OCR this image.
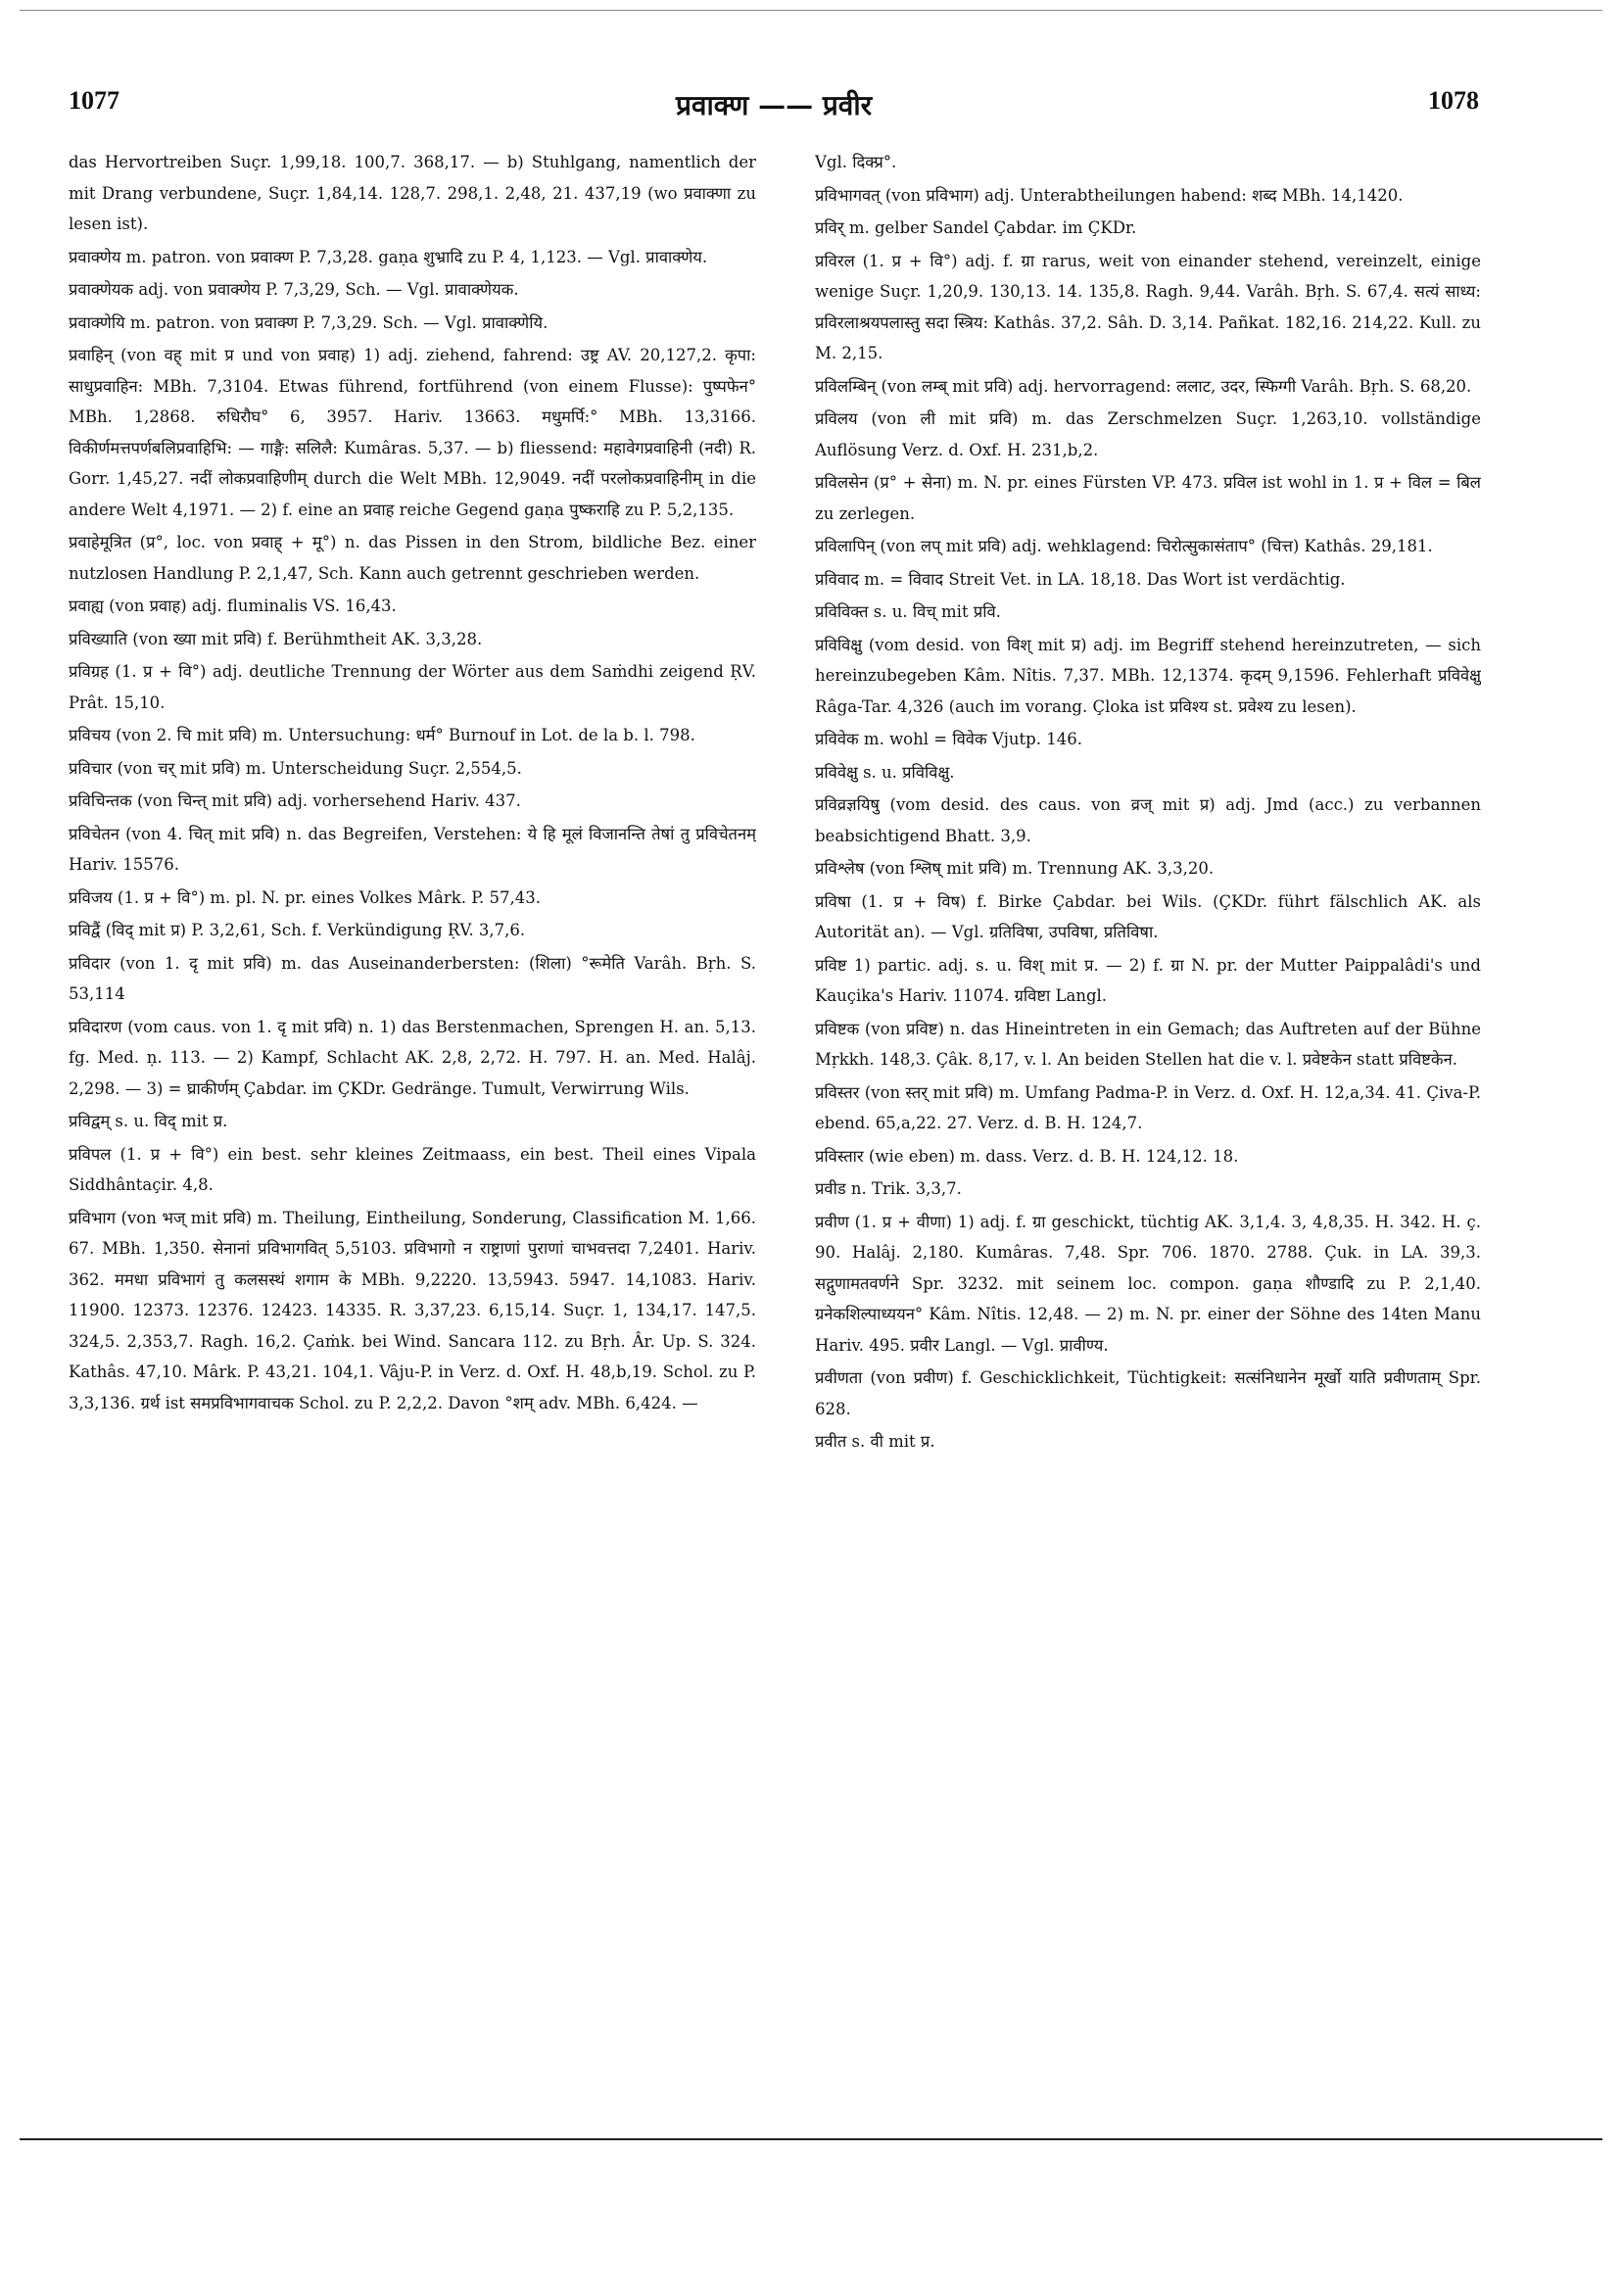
1077	प्रवाक्ण —— प्रवीर	1078

das Hervortreiben Suçr. 1,99,18. 100,7. 368,17. — b) Stuhlgang, namentlich der mit Drang verbundene, Suçr. 1,84,14. 128,7. 298,1. 2,48, 21. 437,19 (wo प्रवाक्णा zu lesen ist).

प्रवाक्णेय m. patron. von प्रवाक्ण P. 7,3,28. gaṇa शुभ्रादि zu P. 4, 1,123. — Vgl. प्रावाक्णेय.

प्रवाक्णेयक adj. von प्रवाक्णेय P. 7,3,29, Sch. — Vgl. प्रावाक्णेयक.

प्रवाक्णेयि m. patron. von प्रवाक्ण P. 7,3,29. Sch. — Vgl. प्रावाक्णेयि.

प्रवाहिन् (von वह् mit प्र und von प्रवाह) 1) adj. ziehend, fahrend: उष्ट्र AV. 20,127,2. कृपा: साधुप्रवाहिन: MBh. 7,3104. Etwas führend, fortführend (von einem Flusse): पुष्पफेन° MBh. 1,2868. रुधिरौघ° 6, 3957. Hariv. 13663. मधुमर्पि:° MBh. 13,3166. विकीर्णमत्तपर्णबलिप्रवाहिभि: — गाङ्गै: सलिलै: Kumâras. 5,37. — b) fliessend: महावेगप्रवाहिनी (नदी) R. Gorr. 1,45,27. नदीं लोकप्रवाहिणीम् durch die Welt MBh. 12,9049. नदीं परलोकप्रवाहिनीम् in die andere Welt 4,1971. — 2) f. eine an प्रवाह reiche Gegend gaṇa पुष्कराहि zu P. 5,2,135.

प्रवाहेमूत्रित (प्र°, loc. von प्रवाह् + मू°) n. das Pissen in den Strom, bildliche Bez. einer nutzlosen Handlung P. 2,1,47, Sch. Kann auch getrennt geschrieben werden.

प्रवाह्य (von प्रवाह) adj. fluminalis VS. 16,43.

प्रविख्याति (von ख्या mit प्रवि) f. Berühmtheit AK. 3,3,28.

प्रविग्रह (1. प्र + वि°) adj. deutliche Trennung der Wörter aus dem Saṁdhi zeigend ṚV. Prât. 15,10.

प्रविचय (von 2. चि mit प्रवि) m. Untersuchung: धर्म° Burnouf in Lot. de la b. l. 798.

प्रविचार (von चर् mit प्रवि) m. Unterscheidung Suçr. 2,554,5.

प्रविचिन्तक (von चिन्त् mit प्रवि) adj. vorhersehend Hariv. 437.

प्रविचेतन (von 4. चित् mit प्रवि) n. das Begreifen, Verstehen: ये हि मूलं विजानन्ति तेषां तु प्रविचेतनम् Hariv. 15576.

प्रविजय (1. प्र + वि°) m. pl. N. pr. eines Volkes Mârk. P. 57,43.

प्रविद्वैं (विद् mit प्र) P. 3,2,61, Sch. f. Verkündigung ṚV. 3,7,6.

प्रविदार (von 1. दृ mit प्रवि) m. das Auseinanderbersten: (शिला) °रूमेति Varâh. Bṛh. S. 53,114

प्रविदारण (vom caus. von 1. दृ mit प्रवि) n. 1) das Berstenmachen, Sprengen H. an. 5,13. fg. Med. ṇ. 113. — 2) Kampf, Schlacht AK. 2,8, 2,72. H. 797. H. an. Med. Halâj. 2,298. — 3) = घ्राकीर्णम् Çabdar. im ÇKDr. Gedränge. Tumult, Verwirrung Wils.

प्रविद्वम् s. u. विद् mit प्र.

प्रविपल (1. प्र + वि°) ein best. sehr kleines Zeitmaass, ein best. Theil eines Vipala Siddhântaçir. 4,8.

प्रविभाग (von भज् mit प्रवि) m. Theilung, Eintheilung, Sonderung, Classification M. 1,66. 67. MBh. 1,350. सेनानां प्रविभागवित् 5,5103. प्रविभागो न राष्ट्राणां पुराणां चाभवत्तदा 7,2401. Hariv. 362. ममधा प्रविभागं तु कलसस्थं शगाम के MBh. 9,2220. 13,5943. 5947. 14,1083. Hariv. 11900. 12373. 12376. 12423. 14335. R. 3,37,23. 6,15,14. Suçr. 1, 134,17. 147,5. 324,5. 2,353,7. Ragh. 16,2. Çaṁk. bei Wind. Sancara 112. zu Bṛh. Âr. Up. S. 324. Kathâs. 47,10. Mârk. P. 43,21. 104,1. Vâju-P. in Verz. d. Oxf. H. 48,b,19. Schol. zu P. 3,3,136. ग्रर्थ ist समप्रविभागवाचक Schol. zu P. 2,2,2. Davon °शम् adv. MBh. 6,424. —

Vgl. दिक्प्र°.

प्रविभागवत् (von प्रविभाग) adj. Unterabtheilungen habend: शब्द MBh. 14,1420.

प्रविर् m. gelber Sandel Çabdar. im ÇKDr.

प्रविरल (1. प्र + वि°) adj. f. ग्रा rarus, weit von einander stehend, vereinzelt, einige wenige Suçr. 1,20,9. 130,13. 14. 135,8. Ragh. 9,44. Varâh. Bṛh. S. 67,4. सत्यं साध्य: प्रविरलाश्रयपलास्तु सदा स्त्रिय: Kathâs. 37,2. Sâh. D. 3,14. Pañkat. 182,16. 214,22. Kull. zu M. 2,15.

प्रविलम्बिन् (von लम्ब् mit प्रवि) adj. hervorragend: ललाट, उदर, स्फिग्गी Varâh. Bṛh. S. 68,20.

प्रविलय (von ली mit प्रवि) m. das Zerschmelzen Suçr. 1,263,10. vollständige Auflösung Verz. d. Oxf. H. 231,b,2.

प्रविलसेन (प्र° + सेना) m. N. pr. eines Fürsten VP. 473. प्रविल ist wohl in 1. प्र + विल = बिल zu zerlegen.

प्रविलापिन् (von लप् mit प्रवि) adj. wehklagend: चिरोत्सुकासंताप° (चित्त) Kathâs. 29,181.

प्रविवाद m. = विवाद Streit Vet. in LA. 18,18. Das Wort ist verdächtig.

प्रविविक्त s. u. विच् mit प्रवि.

प्रविविक्षु (vom desid. von विश् mit प्र) adj. im Begriff stehend hereinzutreten, — sich hereinzubegeben Kâm. Nîtis. 7,37. MBh. 12,1374. कृदम् 9,1596. Fehlerhaft प्रविवेक्षु Râga-Tar. 4,326 (auch im vorang. Çloka ist प्रविश्य st. प्रवेश्य zu lesen).

प्रविवेक m. wohl = विवेक Vjutp. 146.

प्रविवेक्षु s. u. प्रविविक्षु.

प्रविव्रज्ञयिषु (vom desid. des caus. von व्रज् mit प्र) adj. Jmd (acc.) zu verbannen beabsichtigend Bhatt. 3,9.

प्रविश्लेष (von श्लिष् mit प्रवि) m. Trennung AK. 3,3,20.

प्रविषा (1. प्र + विष) f. Birke Çabdar. bei Wils. (ÇKDr. führt fälschlich AK. als Autorität an). — Vgl. ग्रतिविषा, उपविषा, प्रतिविषा.

प्रविष्ट 1) partic. adj. s. u. विश् mit प्र. — 2) f. ग्रा N. pr. der Mutter Paippalâdi's und Kauçika's Hariv. 11074. ग्रविष्टा Langl.

प्रविष्टक (von प्रविष्ट) n. das Hineintreten in ein Gemach; das Auftreten auf der Bühne Mṛkkh. 148,3. Çâk. 8,17, v. l. An beiden Stellen hat die v. l. प्रवेष्टकेन statt प्रविष्टकेन.

प्रविस्तर (von स्तर् mit प्रवि) m. Umfang Padma-P. in Verz. d. Oxf. H. 12,a,34. 41. Çiva-P. ebend. 65,a,22. 27. Verz. d. B. H. 124,7.

प्रविस्तार (wie eben) m. dass. Verz. d. B. H. 124,12. 18.

प्रवीड n. Trik. 3,3,7.

प्रवीण (1. प्र + वीणा) 1) adj. f. ग्रा geschickt, tüchtig AK. 3,1,4. 3, 4,8,35. H. 342. H. ç. 90. Halâj. 2,180. Kumâras. 7,48. Spr. 706. 1870. 2788. Çuk. in LA. 39,3. सद्गुणामतवर्णने Spr. 3232. mit seinem loc. compon. gaṇa शौण्डादि zu P. 2,1,40. ग्रनेकशिल्पाध्ययन° Kâm. Nîtis. 12,48. — 2) m. N. pr. einer der Söhne des 14ten Manu Hariv. 495. प्रवीर Langl. — Vgl. प्रावीण्य.

प्रवीणता (von प्रवीण) f. Geschicklichkeit, Tüchtigkeit: सत्संनिधानेन मूर्खो याति प्रवीणताम् Spr. 628.

प्रवीत s. वी mit प्र.
